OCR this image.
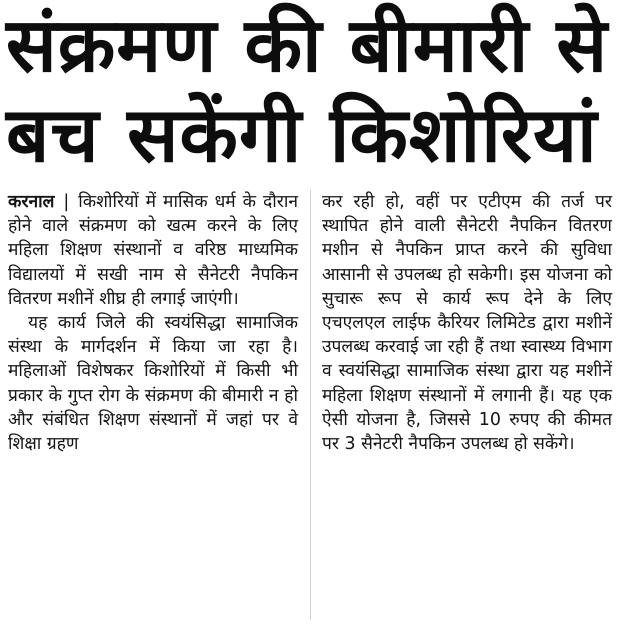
संक्रमण की बीमारी से
बच सकेंगी किशोरियां

करनाल | किशोरियों में मासिक धर्म के दौरान होने वाले संक्रमण को खत्म करने के लिए महिला शिक्षण संस्थानों व वरिष्ठ माध्यमिक विद्यालयों में सखी नाम से सैनेटरी नैपकिन वितरण मशीनें शीघ्र ही लगाई जाएंगी।

यह कार्य जिले की स्वयंसिद्धा सामाजिक संस्था के मार्गदर्शन में किया जा रहा है। महिलाओं विशेषकर किशोरियों में किसी भी प्रकार के गुप्त रोग के संक्रमण की बीमारी न हो और संबंधित शिक्षण संस्थानों में जहां पर वे शिक्षा ग्रहण

कर रही हो, वहीं पर एटीएम की तर्ज पर स्थापित होने वाली सैनेटरी नैपकिन वितरण मशीन से नैपकिन प्राप्त करने की सुविधा आसानी से उपलब्ध हो सकेगी। इस योजना को सुचारू रूप से कार्य रूप देने के लिए एचएलएल लाईफ कैरियर लिमिटेड द्वारा मशीनें उपलब्ध करवाई जा रही हैं तथा स्वास्थ्य विभाग व स्वयंसिद्धा सामाजिक संस्था द्वारा यह मशीनें महिला शिक्षण संस्थानों में लगानी हैं। यह एक ऐसी योजना है, जिससे 10 रुपए की कीमत पर 3 सैनेटरी नैपकिन उपलब्ध हो सकेंगे।
